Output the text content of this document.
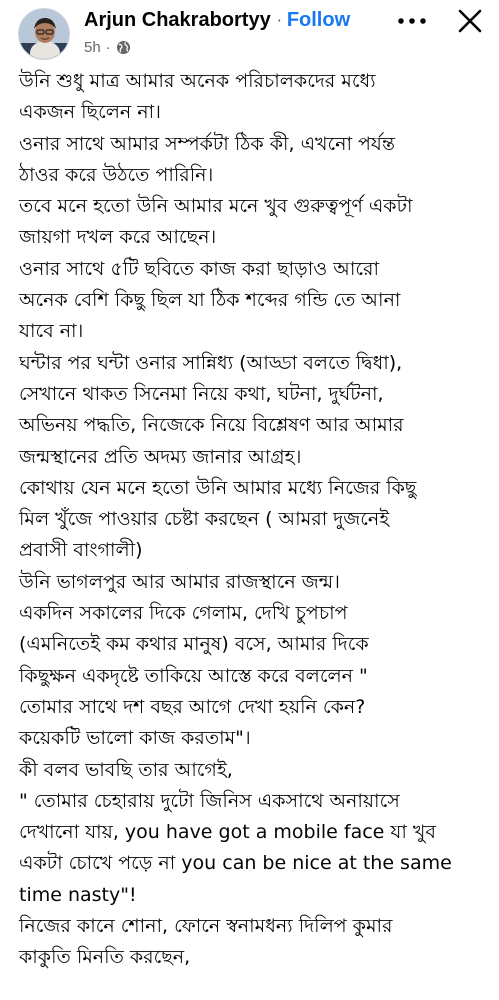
Arjun Chakrabortyy · Follow
5h ·
উনি শুধু মাত্র আমার অনেক পরিচালকদের মধ্যে
একজন ছিলেন না।
ওনার সাথে আমার সম্পর্কটা ঠিক কী, এখনো পর্যন্ত
ঠাওর করে উঠতে পারিনি।
তবে মনে হতো উনি আমার মনে খুব গুরুত্বপূর্ণ একটা
জায়গা দখল করে আছেন।
ওনার সাথে ৫টি ছবিতে কাজ করা ছাড়াও আরো
অনেক বেশি কিছু ছিল যা ঠিক শব্দের গন্ডি তে আনা
যাবে না।
ঘন্টার পর ঘন্টা ওনার সান্নিধ্য (আড্ডা বলতে দ্বিধা),
সেখানে থাকত সিনেমা নিয়ে কথা, ঘটনা, দুর্ঘটনা,
অভিনয় পদ্ধতি, নিজেকে নিয়ে বিশ্লেষণ আর আমার
জন্মস্থানের প্রতি অদম্য জানার আগ্রহ।
কোথায় যেন মনে হতো উনি আমার মধ্যে নিজের কিছু
মিল খুঁজে পাওয়ার চেষ্টা করছেন ( আমরা দুজনেই
প্রবাসী বাংগালী)
উনি ভাগলপুর আর আমার রাজস্থানে জন্ম।
একদিন সকালের দিকে গেলাম, দেখি চুপচাপ
(এমনিতেই কম কথার মানুষ) বসে, আমার দিকে
কিছুক্ষন একদৃষ্টে তাকিয়ে আস্তে করে বললেন "
তোমার সাথে দশ বছর আগে দেখা হয়নি কেন?
কয়েকটি ভালো কাজ করতাম"।
কী বলব ভাবছি তার আগেই,
" তোমার চেহারায় দুটো জিনিস একসাথে অনায়াসে
দেখানো যায়, you have got a mobile face যা খুব
একটা চোখে পড়ে না you can be nice at the same
time nasty"!
নিজের কানে শোনা, ফোনে স্বনামধন্য দিলিপ কুমার
কাকুতি মিনতি করছেন,
